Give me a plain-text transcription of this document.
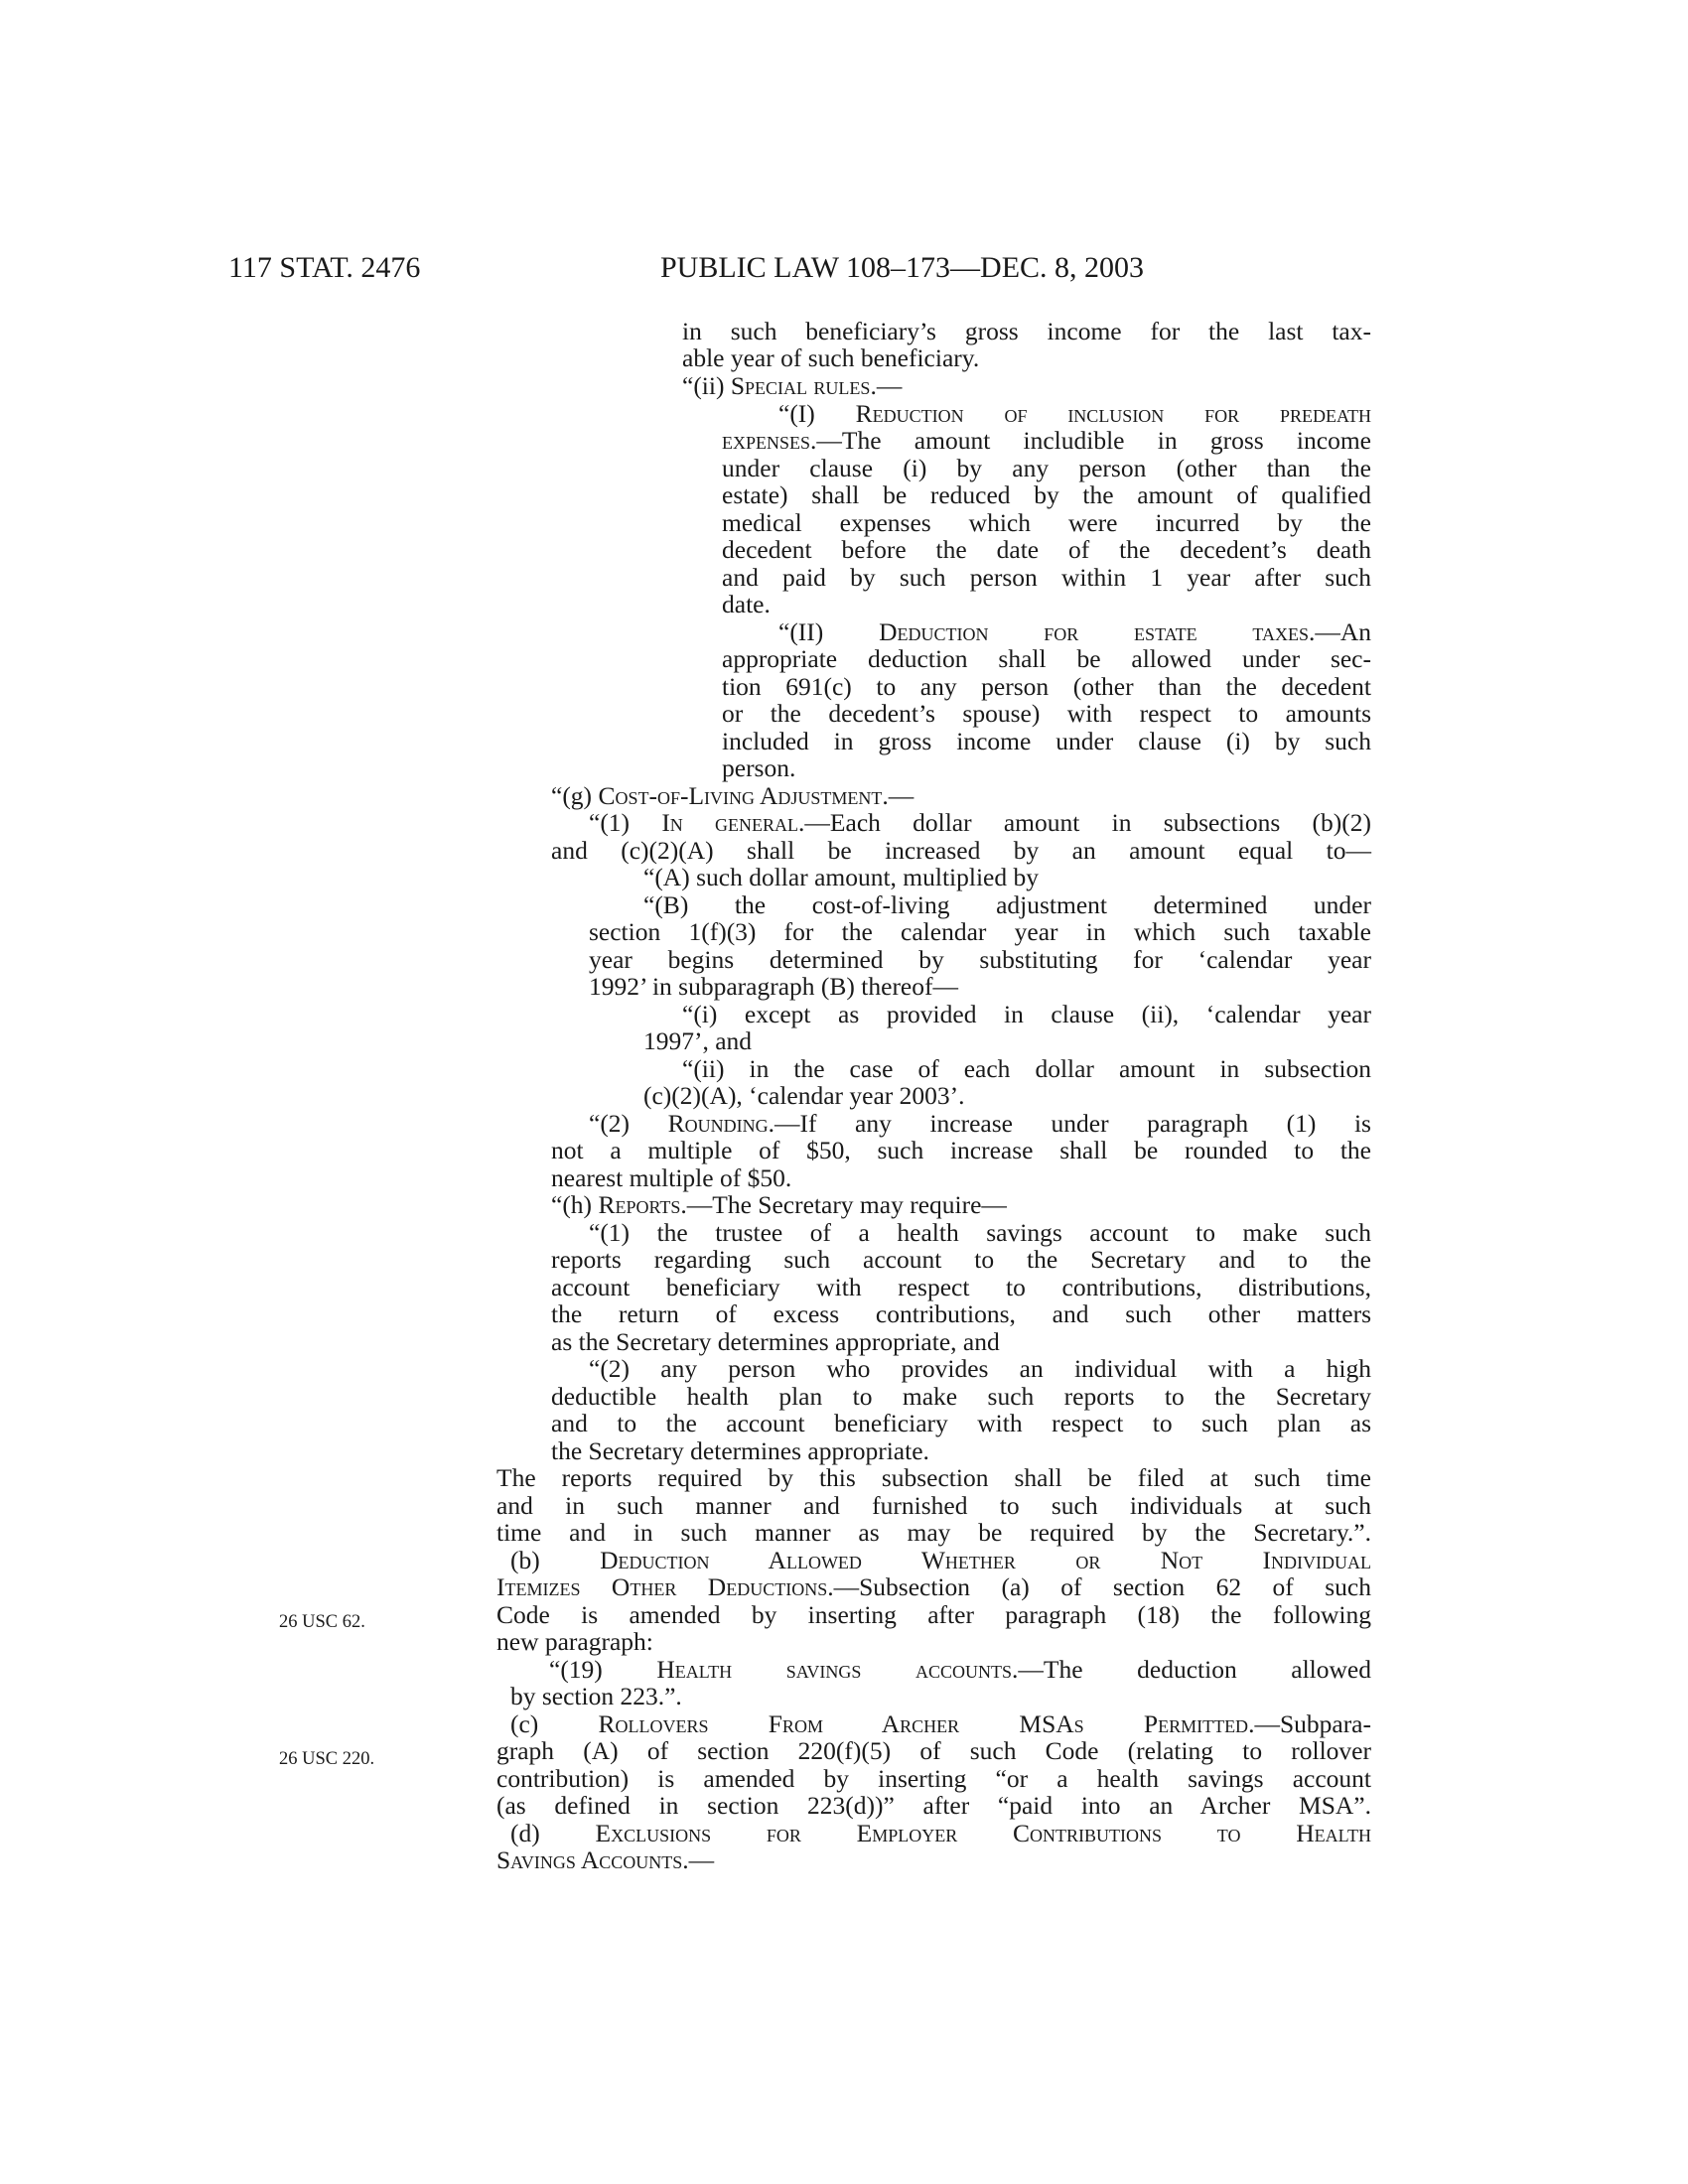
117 STAT. 2476	PUBLIC LAW 108–173—DEC. 8, 2003
26 USC 62.
26 USC 220.
in such beneficiary’s gross income for the last tax-
able year of such beneficiary.
“(ii) Special rules.—
“(I) Reduction of inclusion for predeath
expenses.—The amount includible in gross income
under clause (i) by any person (other than the
estate) shall be reduced by the amount of qualified
medical expenses which were incurred by the
decedent before the date of the decedent’s death
and paid by such person within 1 year after such
date.
“(II) Deduction for estate taxes.—An
appropriate deduction shall be allowed under sec-
tion 691(c) to any person (other than the decedent
or the decedent’s spouse) with respect to amounts
included in gross income under clause (i) by such
person.
“(g) Cost-of-Living Adjustment.—
“(1) In general.—Each dollar amount in subsections (b)(2)
and (c)(2)(A) shall be increased by an amount equal to—
“(A) such dollar amount, multiplied by
“(B) the cost-of-living adjustment determined under
section 1(f)(3) for the calendar year in which such taxable
year begins determined by substituting for ‘calendar year
1992’ in subparagraph (B) thereof—
“(i) except as provided in clause (ii), ‘calendar year
1997’, and
“(ii) in the case of each dollar amount in subsection
(c)(2)(A), ‘calendar year 2003’.
“(2) Rounding.—If any increase under paragraph (1) is
not a multiple of $50, such increase shall be rounded to the
nearest multiple of $50.
“(h) Reports.—The Secretary may require—
“(1) the trustee of a health savings account to make such
reports regarding such account to the Secretary and to the
account beneficiary with respect to contributions, distributions,
the return of excess contributions, and such other matters
as the Secretary determines appropriate, and
“(2) any person who provides an individual with a high
deductible health plan to make such reports to the Secretary
and to the account beneficiary with respect to such plan as
the Secretary determines appropriate.
The reports required by this subsection shall be filed at such time
and in such manner and furnished to such individuals at such
time and in such manner as may be required by the Secretary.”.
(b) Deduction Allowed Whether or Not Individual
Itemizes Other Deductions.—Subsection (a) of section 62 of such
Code is amended by inserting after paragraph (18) the following
new paragraph:
“(19) Health savings accounts.—The deduction allowed
by section 223.”.
(c) Rollovers From Archer MSAs Permitted.—Subpara-
graph (A) of section 220(f)(5) of such Code (relating to rollover
contribution) is amended by inserting “or a health savings account
(as defined in section 223(d))” after “paid into an Archer MSA”.
(d) Exclusions for Employer Contributions to Health
Savings Accounts.—
